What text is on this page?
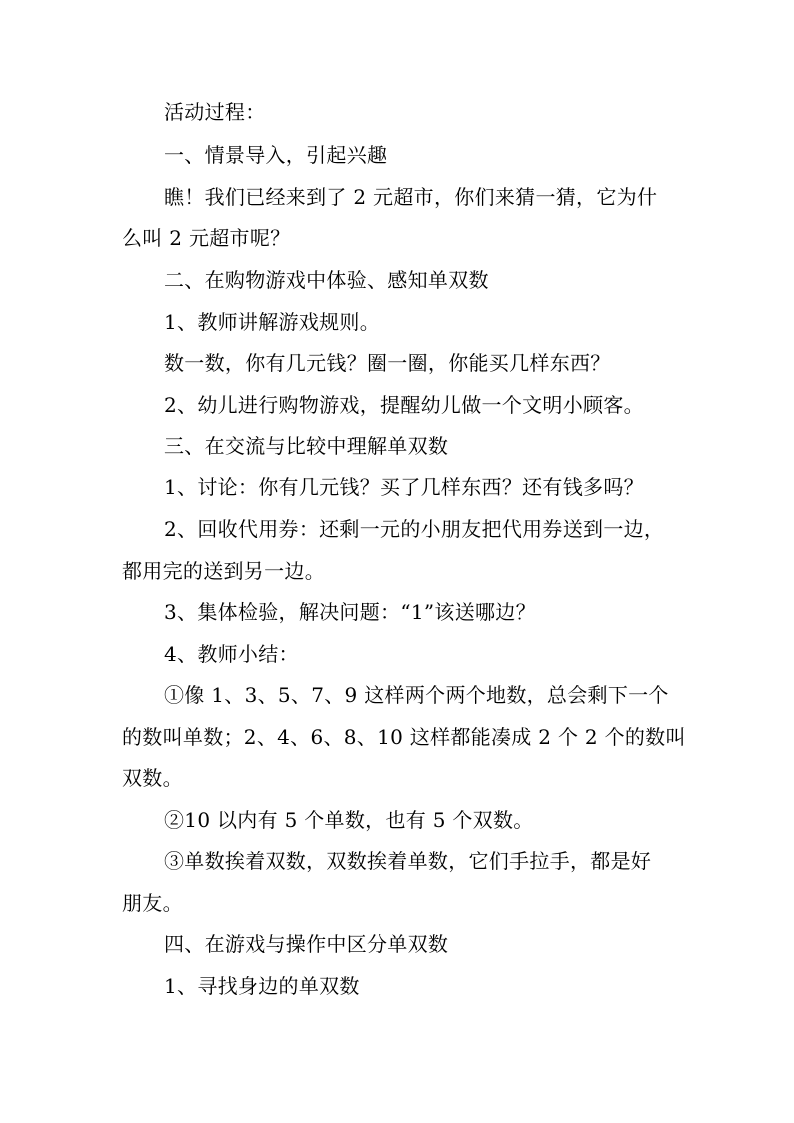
活动过程：
一、情景导入，引起兴趣
瞧！我们已经来到了 2 元超市，你们来猜一猜，它为什
么叫 2 元超市呢？
二、在购物游戏中体验、感知单双数
1、教师讲解游戏规则。
数一数，你有几元钱？圈一圈，你能买几样东西？
2、幼儿进行购物游戏，提醒幼儿做一个文明小顾客。
三、在交流与比较中理解单双数
1、讨论：你有几元钱？买了几样东西？还有钱多吗？
2、回收代用券：还剩一元的小朋友把代用券送到一边，
都用完的送到另一边。
3、集体检验，解决问题：“1”该送哪边？
4、教师小结：
①像 1、3、5、7、9 这样两个两个地数，总会剩下一个
的数叫单数；2、4、6、8、10 这样都能凑成 2 个 2 个的数叫
双数。
②10 以内有 5 个单数，也有 5 个双数。
③单数挨着双数，双数挨着单数，它们手拉手，都是好
朋友。
四、在游戏与操作中区分单双数
1、寻找身边的单双数
